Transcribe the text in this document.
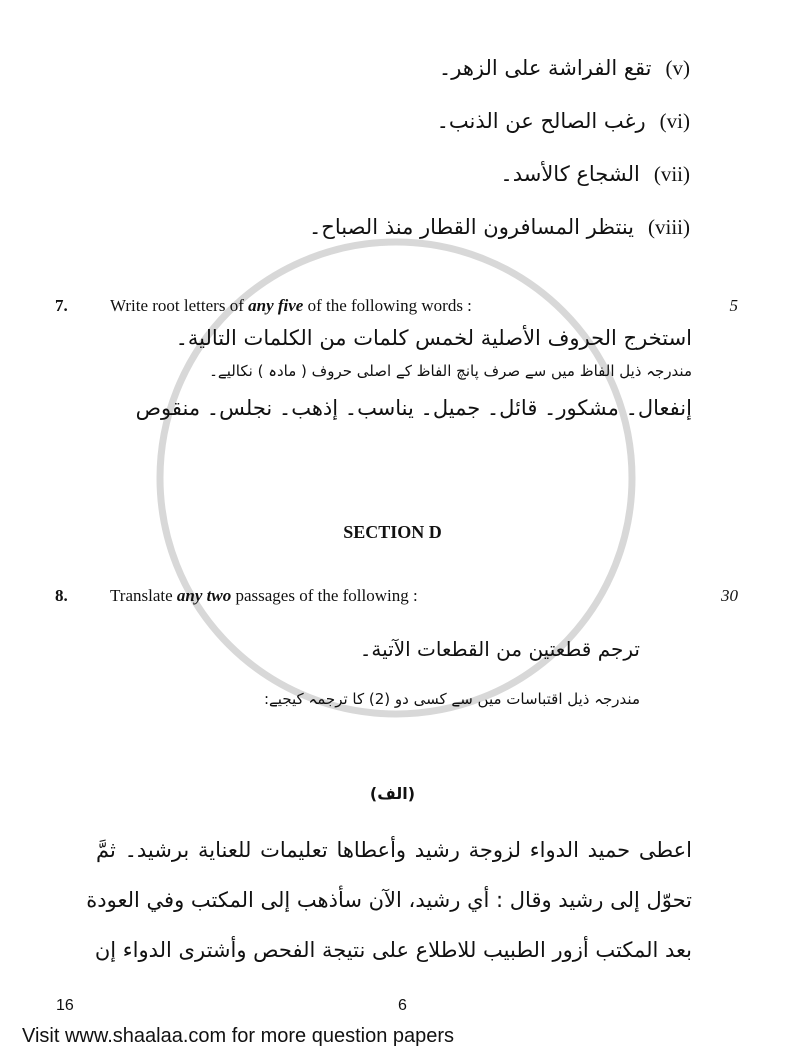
(v)
تقع الفراشة على الزهر۔
(vi)
رغب الصالح عن الذنب۔
(vii)
الشجاع كالأسد۔
(viii)
ينتظر المسافرون القطار منذ الصباح۔
7. Write root letters of any five of the following words :	5
استخرج الحروف الأصلية لخمس كلمات من الكلمات التالية۔
مندرجہ ذیل الفاظ میں سے صرف پانچ الفاظ کے اصلی حروف ( مادہ ) نکالیے۔
إنفعال۔ مشكور۔ قائل۔ جميل۔ يناسب۔ إذهب۔ نجلس۔ منقوص
SECTION D
8. Translate any two passages of the following :	30
ترجم قطعتين من القطعات الآتية۔
مندرجہ ذیل اقتباسات میں سے کسی دو (2) کا ترجمہ کیجیے:
(الف)
اعطى حميد الدواء لزوجة رشيد وأعطاها تعليمات للعناية برشيد۔ ثمَّ
تحوّل إلى رشيد وقال : أي رشيد، الآن سأذهب إلى المكتب وفي العودة
بعد المكتب أزور الطبيب للاطلاع على نتيجة الفحص وأشترى الدواء إن
16	6
Visit www.shaalaa.com for more question papers
